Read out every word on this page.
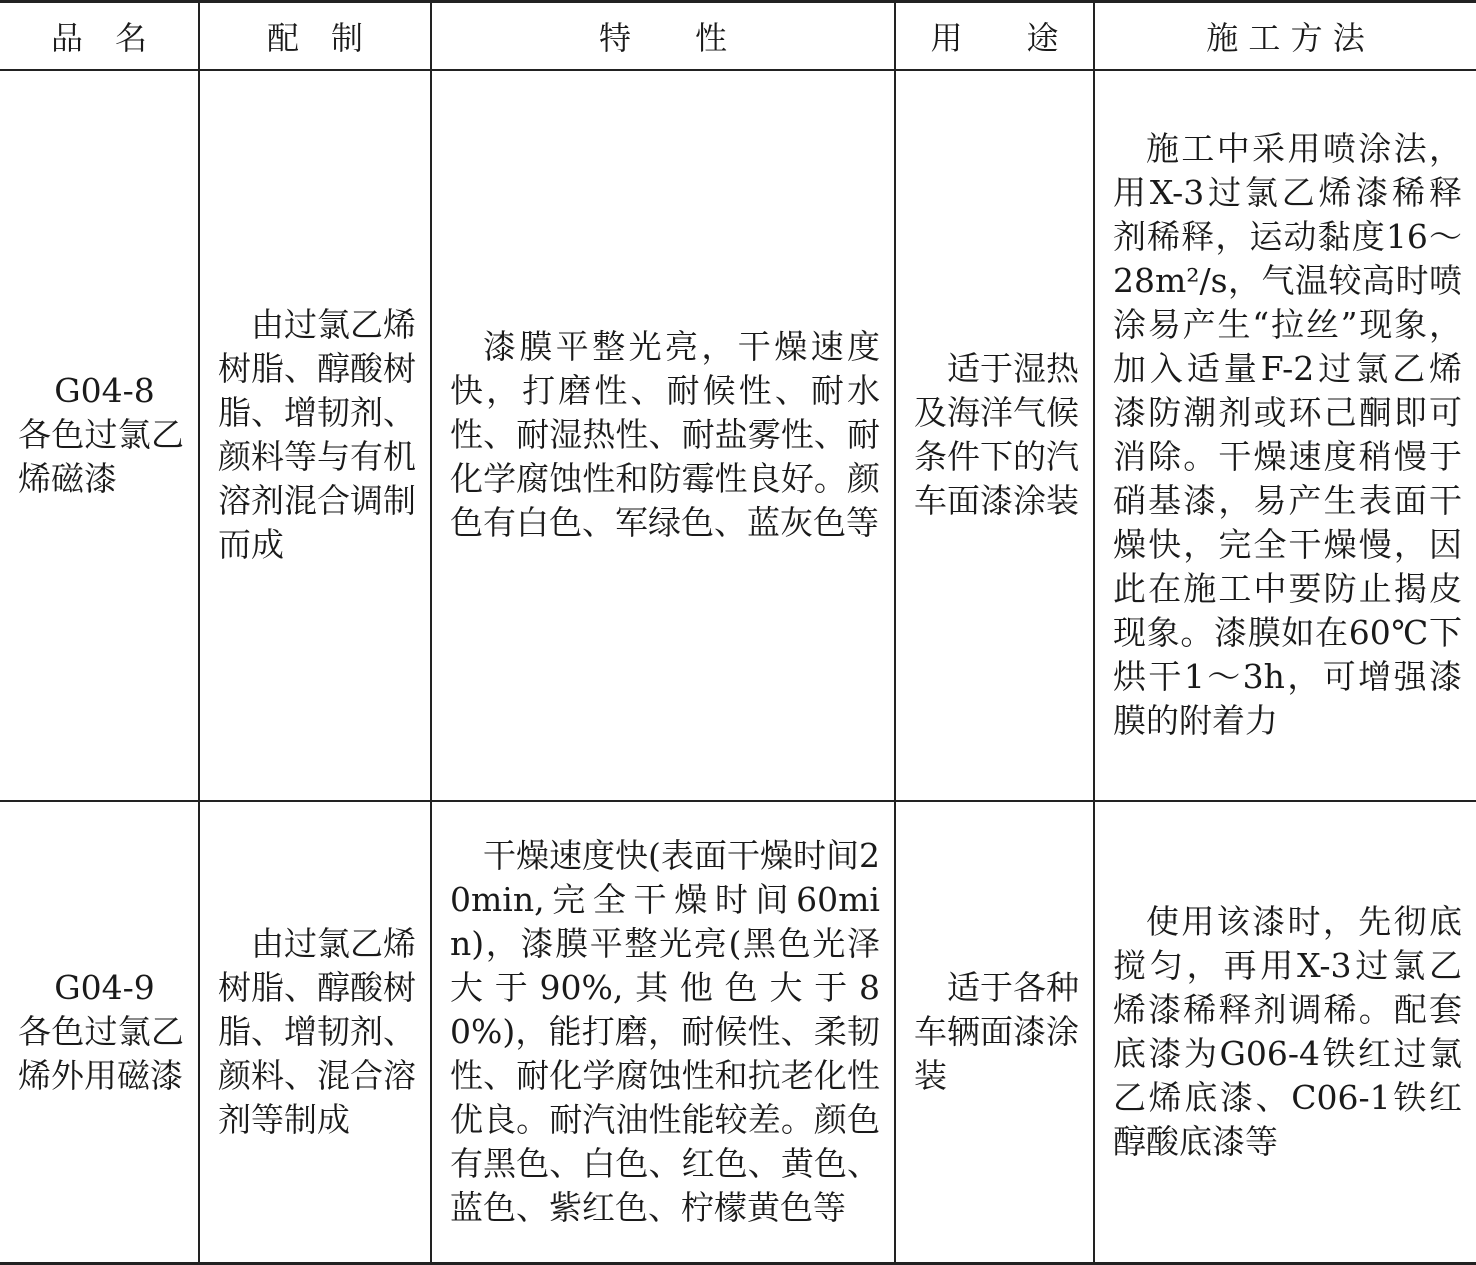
品　名	配　制	特　　性	用　　途	施 工 方 法

G04-8 各色过氯乙烯磁漆	由过氯乙烯树脂、醇酸树脂、增韧剂、颜料等与有机溶剂混合调制而成	漆膜平整光亮，干燥速度快，打磨性、耐候性、耐水性、耐湿热性、耐盐雾性、耐化学腐蚀性和防霉性良好。颜色有白色、军绿色、蓝灰色等	适于湿热及海洋气候条件下的汽车面漆涂装	施工中采用喷涂法，用X-3过氯乙烯漆稀释剂稀释，运动黏度16～28m²/s，气温较高时喷涂易产生“拉丝”现象，加入适量F-2过氯乙烯漆防潮剂或环己酮即可消除。干燥速度稍慢于硝基漆，易产生表面干燥快，完全干燥慢，因此在施工中要防止揭皮现象。漆膜如在60℃下烘干1～3h，可增强漆膜的附着力

G04-9 各色过氯乙烯外用磁漆	由过氯乙烯树脂、醇酸树脂、增韧剂、颜料、混合溶剂等制成	干燥速度快(表面干燥时间20min,完全干燥时间60min)，漆膜平整光亮(黑色光泽大于90%,其他色大于80%)，能打磨，耐候性、柔韧性、耐化学腐蚀性和抗老化性优良。耐汽油性能较差。颜色有黑色、白色、红色、黄色、蓝色、紫红色、柠檬黄色等	适于各种车辆面漆涂装	使用该漆时，先彻底搅匀，再用X-3过氯乙烯漆稀释剂调稀。配套底漆为G06-4铁红过氯乙烯底漆、C06-1铁红醇酸底漆等
